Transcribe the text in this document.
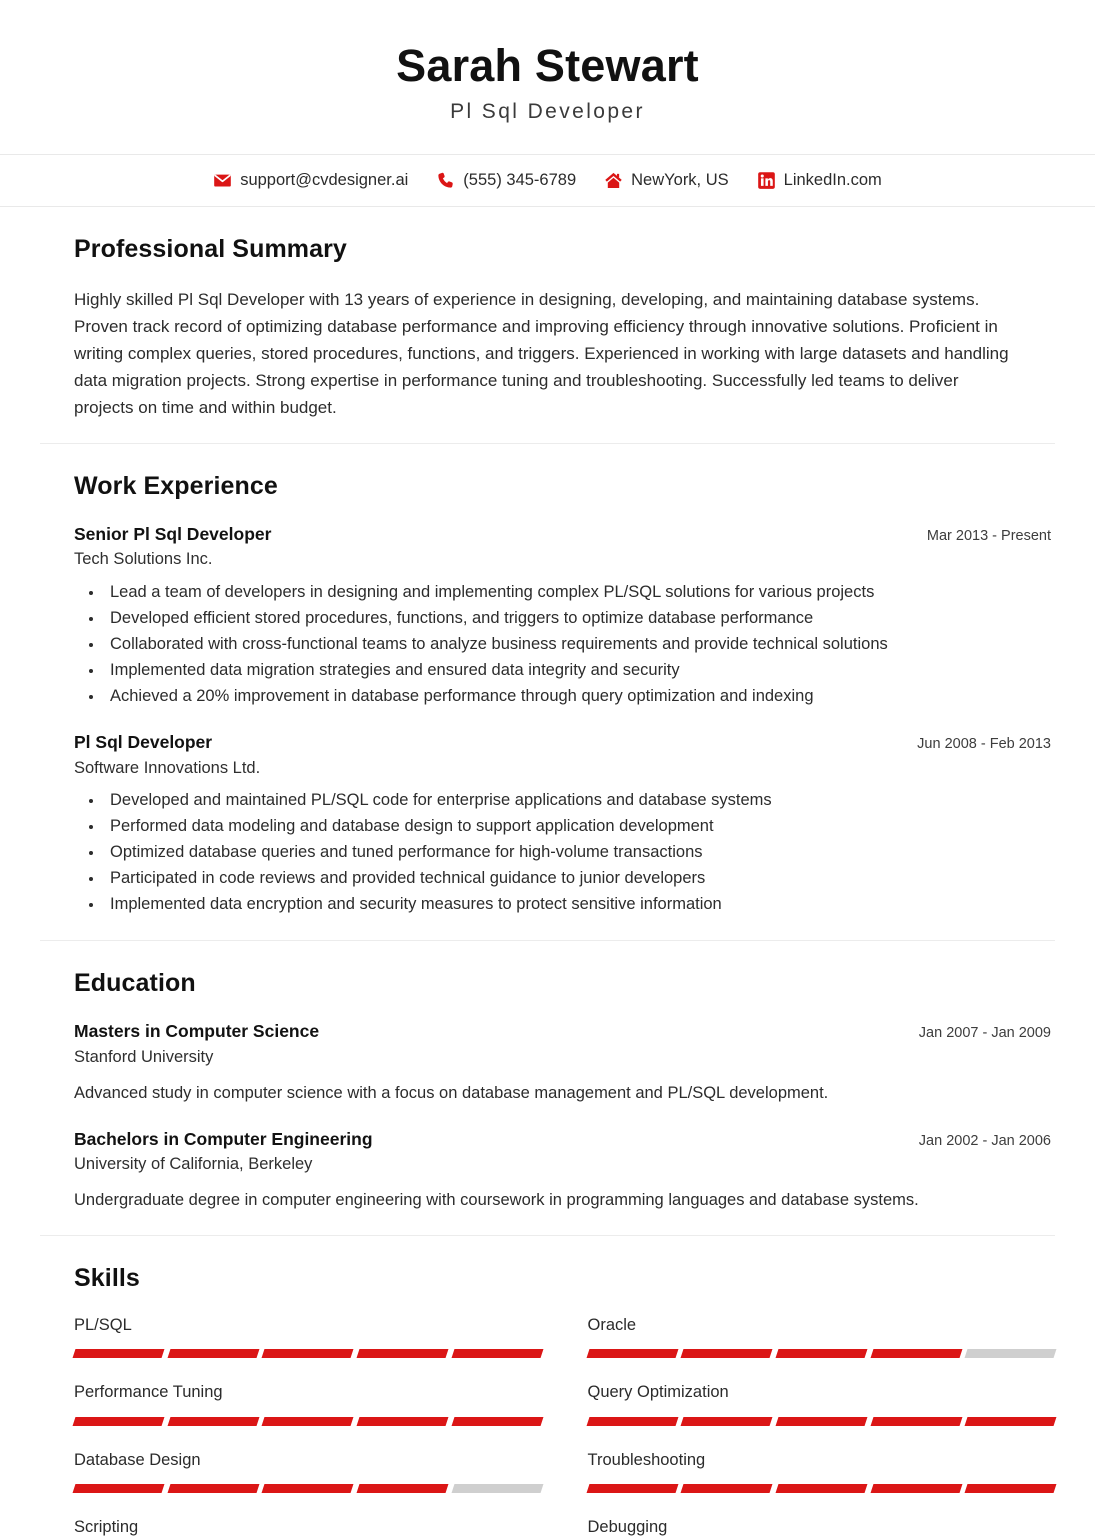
Sarah Stewart
Pl Sql Developer
support@cvdesigner.ai	(555) 345-6789	NewYork, US	LinkedIn.com
Professional Summary

Highly skilled Pl Sql Developer with 13 years of experience in designing, developing, and maintaining database systems. Proven track record of optimizing database performance and improving efficiency through innovative solutions. Proficient in writing complex queries, stored procedures, functions, and triggers. Experienced in working with large datasets and handling data migration projects. Strong expertise in performance tuning and troubleshooting. Successfully led teams to deliver projects on time and within budget.

Work Experience
Senior Pl Sql Developer	Mar 2013 - Present
Tech Solutions Inc.
• Lead a team of developers in designing and implementing complex PL/SQL solutions for various projects
• Developed efficient stored procedures, functions, and triggers to optimize database performance
• Collaborated with cross-functional teams to analyze business requirements and provide technical solutions
• Implemented data migration strategies and ensured data integrity and security
• Achieved a 20% improvement in database performance through query optimization and indexing
Pl Sql Developer	Jun 2008 - Feb 2013
Software Innovations Ltd.
• Developed and maintained PL/SQL code for enterprise applications and database systems
• Performed data modeling and database design to support application development
• Optimized database queries and tuned performance for high-volume transactions
• Participated in code reviews and provided technical guidance to junior developers
• Implemented data encryption and security measures to protect sensitive information
Education
Masters in Computer Science	Jan 2007 - Jan 2009
Stanford University

Advanced study in computer science with a focus on database management and PL/SQL development.

Bachelors in Computer Engineering	Jan 2002 - Jan 2006
University of California, Berkeley

Undergraduate degree in computer engineering with coursework in programming languages and database systems.

Skills
PL/SQL	Oracle
Performance Tuning	Query Optimization
Database Design	Troubleshooting
Scripting	Debugging
